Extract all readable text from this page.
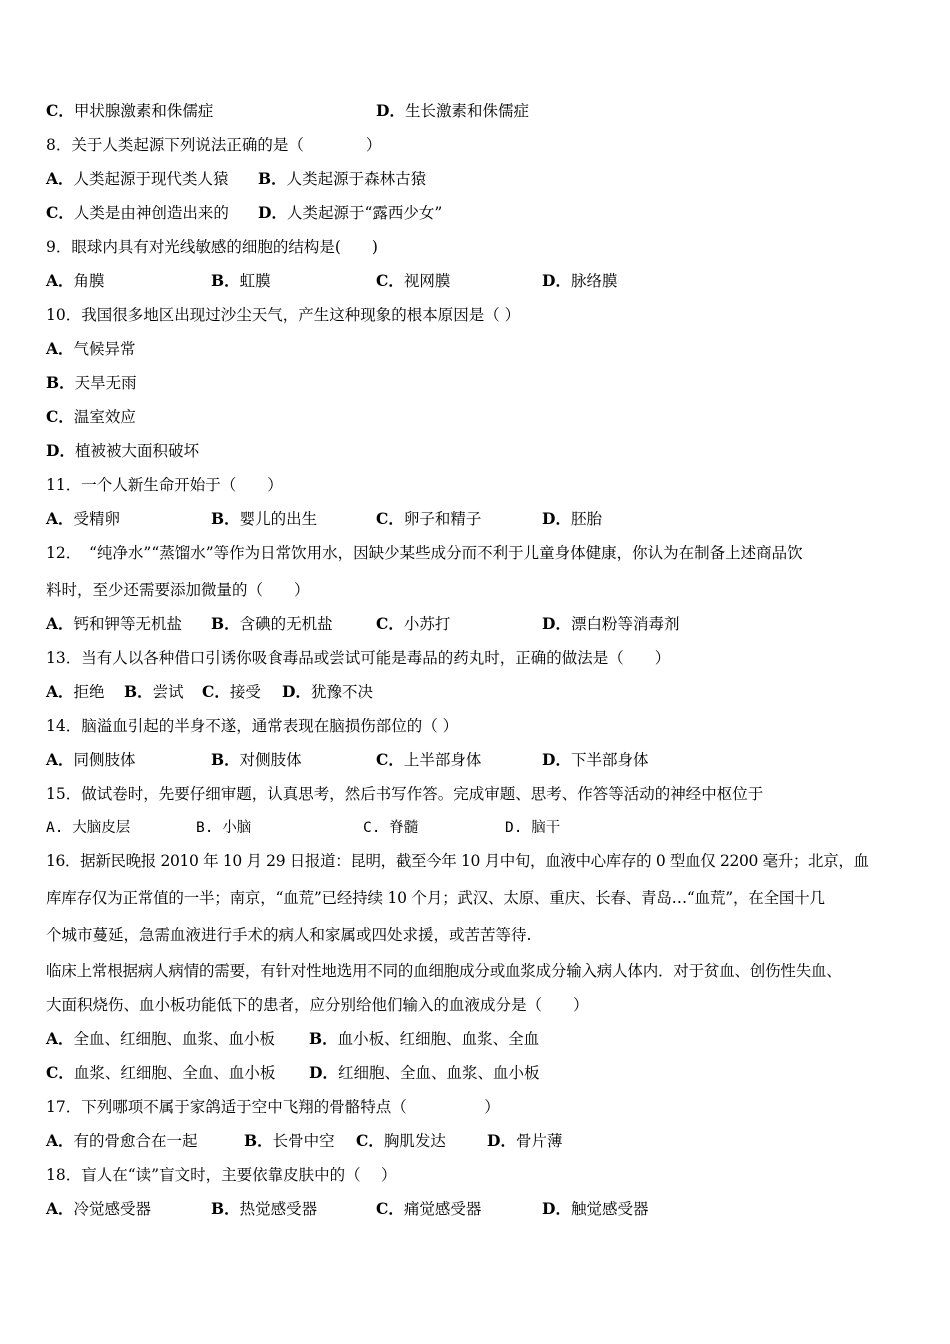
C．甲状腺激素和侏儒症	D．生长激素和侏儒症
8．关于人类起源下列说法正确的是（　　　　）
A．人类起源于现代类人猿 B．人类起源于森林古猿
C．人类是由神创造出来的 D．人类起源于“露西少女”
9．眼球内具有对光线敏感的细胞的结构是(　　)
A．角膜	B．虹膜	C．视网膜	D．脉络膜
10．我国很多地区出现过沙尘天气，产生这种现象的根本原因是（ ）
A．气候异常
B．天旱无雨
C．温室效应
D．植被被大面积破坏
11．一个人新生命开始于（　　）
A．受精卵	B．婴儿的出生	C．卵子和精子	D．胚胎
12．　“纯净水”“蒸馏水”等作为日常饮用水，因缺少某些成分而不利于儿童身体健康，你认为在制备上述商品饮
料时，至少还需要添加微量的（　　）
A．钙和钾等无机盐 B．含碘的无机盐	C．小苏打	D．漂白粉等消毒剂
13．当有人以各种借口引诱你吸食毒品或尝试可能是毒品的药丸时，正确的做法是（　　）
A．拒绝 B．尝试 C．接受 D．犹豫不决
14．脑溢血引起的半身不遂，通常表现在脑损伤部位的（ ）
A．同侧肢体	B．对侧肢体	C．上半部身体	D．下半部身体
15．做试卷时，先要仔细审题，认真思考，然后书写作答。完成审题、思考、作答等活动的神经中枢位于
A. 大脑皮层	B. 小脑	C. 脊髓	D. 脑干
16．据新民晚报 2010 年 10 月 29 日报道：昆明，截至今年 10 月中旬，血液中心库存的 0 型血仅 2200 毫升；北京，血
库库存仅为正常值的一半；南京，“血荒”已经持续 10 个月；武汉、太原、重庆、长春、青岛…“血荒”，在全国十几
个城市蔓延，急需血液进行手术的病人和家属或四处求援，或苦苦等待.
临床上常根据病人病情的需要，有针对性地选用不同的血细胞成分或血浆成分输入病人体内．对于贫血、创伤性失血、
大面积烧伤、血小板功能低下的患者，应分别给他们输入的血液成分是（　　）
A．全血、红细胞、血浆、血小板 B．血小板、红细胞、血浆、全血
C．血浆、红细胞、全血、血小板 D．红细胞、全血、血浆、血小板
17．下列哪项不属于家鸽适于空中飞翔的骨骼特点（　　　　　）
A．有的骨愈合在一起	B．长骨中空 C．胸肌发达	D．骨片薄
18．盲人在“读”盲文时，主要依靠皮肤中的（　 ）
A．冷觉感受器	B．热觉感受器	C．痛觉感受器	D．触觉感受器
